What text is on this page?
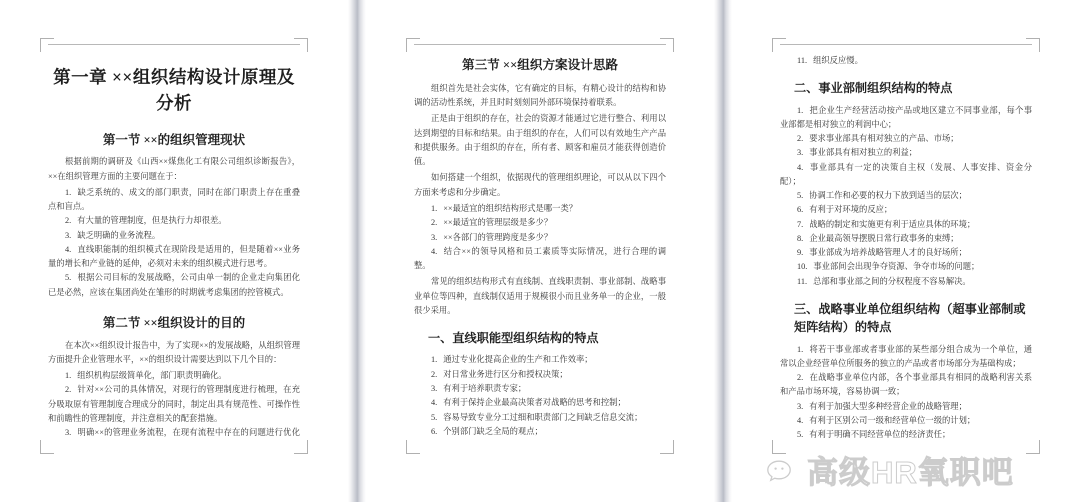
第一章 ××组织结构设计原理及分析
第一节 ××的组织管理现状

根据前期的调研及《山西××煤焦化工有限公司组织诊断报告》，××在组织管理方面的主要问题在于：

1. 缺乏系统的、成文的部门职责，同时在部门职责上存在重叠点和盲点。
2. 有大量的管理制度，但是执行力却很差。
3. 缺乏明确的业务流程。
4. 直线职能制的组织模式在现阶段是适用的，但是随着××业务量的增长和产业链的延伸，必须对未来的组织模式进行思考。
5. 根据公司目标的发展战略，公司由单一制的企业走向集团化已是必然，应该在集团尚处在雏形的时期就考虑集团的控管模式。
第二节 ××组织设计的目的

在本次××组织设计报告中，为了实现××的发展战略，从组织管理方面提升企业管理水平，××的组织设计需要达到以下几个目的：

1. 组织机构层级简单化，部门职责明确化。
2. 针对××公司的具体情况，对现行的管理制度进行梳理，在充分吸取原有管理制度合理成分的同时，制定出具有规范性、可操作性和前瞻性的管理制度，并注意相关的配套措施。
3. 明确××的管理业务流程，在现有流程中存在的问题进行优化
第三节 ××组织方案设计思路

组织首先是社会实体，它有确定的目标，有精心设计的结构和协调的活动性系统，并且时时刻刻同外部环境保持着联系。

正是由于组织的存在，社会的资源才能通过它进行整合、利用以达到期望的目标和结果。由于组织的存在，人们可以有效地生产产品和提供服务。由于组织的存在，所有者、顾客和雇员才能获得创造价值。

如何搭建一个组织，依据现代的管理组织理论，可以从以下四个方面来考虑和分步确定。

1. ××最适宜的组织结构形式是哪一类？
2. ××最适宜的管理层级是多少？
3. ××各部门的管理跨度是多少？
4. 结合××的领导风格和员工素质等实际情况，进行合理的调整。

常见的组织结构形式有直线制、直线职责制、事业部制、战略事业单位等四种，直线制仅适用于规模很小而且业务单一的企业，一般很少采用。

一、直线职能型组织结构的特点
1. 通过专业化提高企业的生产和工作效率；
2. 对日常业务进行区分和授权决策；
3. 有利于培养职责专家；
4. 有利于保持企业最高决策者对战略的思考和控制；
5. 容易导致专业分工过细和职责部门之间缺乏信息交流；
6. 个别部门缺乏全局的观点；
11. 组织反应慢。
二、事业部制组织结构的特点
1. 把企业生产经营活动按产品或地区建立不同事业部，每个事业部都是相对独立的利润中心；
2. 要求事业部具有相对独立的产品、市场；
3. 事业部具有相对独立的利益；
4. 事业部具有一定的决策自主权（发展、人事安排、资金分配）；
5. 协调工作和必要的权力下放到适当的层次；
6. 有利于对环境的反应；
7. 战略的制定和实施更有利于适应具体的环境；
8. 企业最高领导摆脱日常行政事务的束缚；
9. 事业部成为培养战略管理人才的良好场所；
10. 事业部间会出现争夺资源、争夺市场的问题；
11. 总部和事业部之间的分权程度不容易解决。
三、战略事业单位组织结构（超事业部制或矩阵结构）的特点
1. 将若干事业部或者事业部的某些部分组合成为一个单位，通常以企业经营单位所服务的独立的产品或者市场部分为基础构成；
2. 在战略事业单位内部，各个事业部具有相同的战略利害关系和产品市场环境，容易协调一致；
3. 有利于加强大型多种经营企业的战略管理；
4. 有利于区别公司一级和经营单位一级的计划；
5. 有利于明确不同经营单位的经济责任；
高级HR氧职吧
